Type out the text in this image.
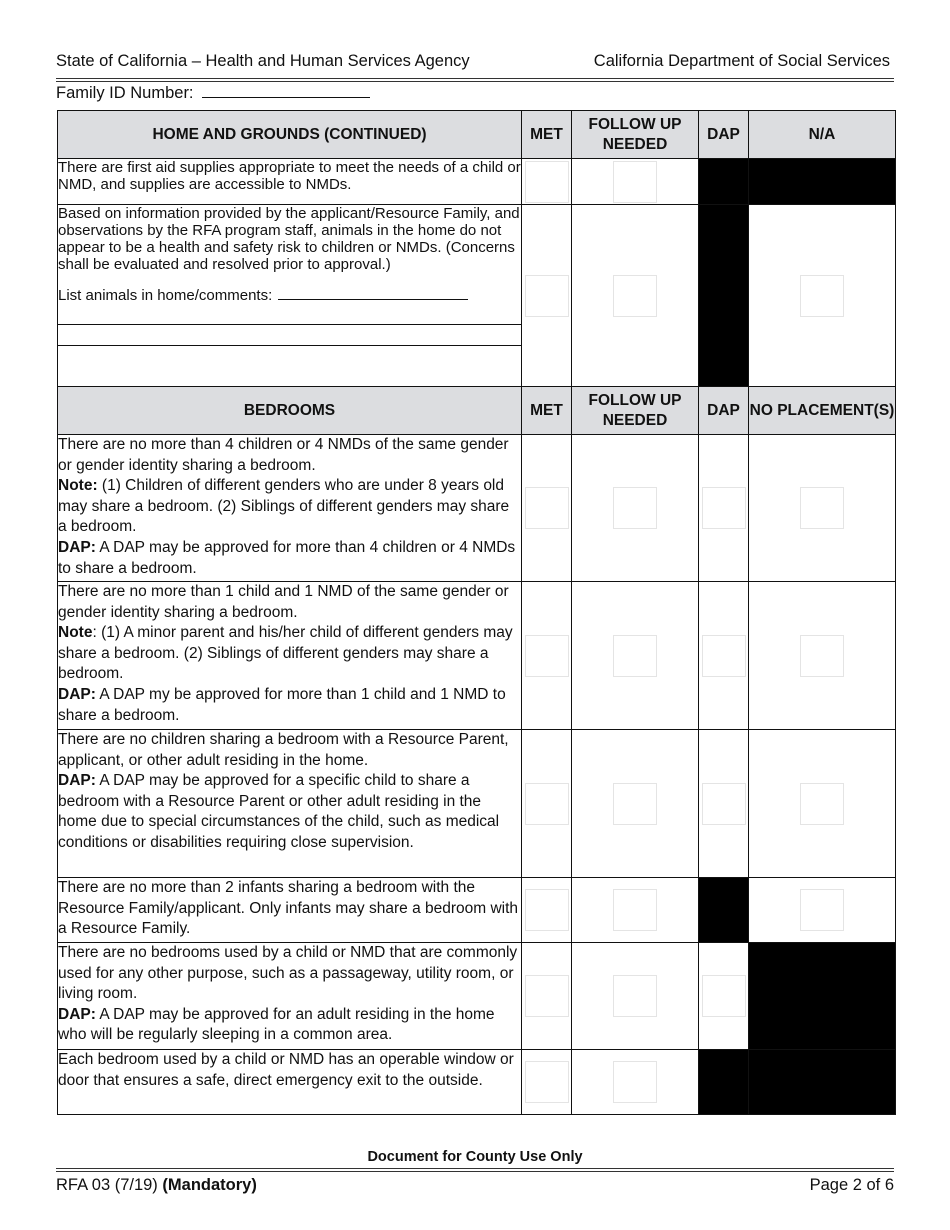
State of California – Health and Human Services Agency	California Department of Social Services
Family ID Number:
HOME AND GROUNDS (CONTINUED)	MET	FOLLOW UP NEEDED	DAP	N/A
There are first aid supplies appropriate to meet the needs of a child or NMD, and supplies are accessible to NMDs.	

Based on information provided by the applicant/Resource Family, and observations by the RFA program staff, animals in the home do not appear to be a health and safety risk to children or NMDs. (Concerns shall be evaluated and resolved prior to approval.)

List animals in home/comments:				

BEDROOMS	MET	FOLLOW UP NEEDED	DAP	NO PLACEMENT(S)
There are no more than 4 children or 4 NMDs of the same gender or gender identity sharing a bedroom.
Note: (1) Children of different genders who are under 8 years old may share a bedroom. (2) Siblings of different genders may share a bedroom.
DAP: A DAP may be approved for more than 4 children or 4 NMDs to share a bedroom.	

There are no more than 1 child and 1 NMD of the same gender or gender identity sharing a bedroom.
Note: (1) A minor parent and his/her child of different genders may share a bedroom. (2) Siblings of different genders may share a bedroom.
DAP: A DAP my be approved for more than 1 child and 1 NMD to share a bedroom.	

There are no children sharing a bedroom with a Resource Parent, applicant, or other adult residing in the home.
DAP: A DAP may be approved for a specific child to share a bedroom with a Resource Parent or other adult residing in the home due to special circumstances of the child, such as medical conditions or disabilities requiring close supervision.	

There are no more than 2 infants sharing a bedroom with the Resource Family/applicant. Only infants may share a bedroom with a Resource Family.	

There are no bedrooms used by a child or NMD that are commonly used for any other purpose, such as a passageway, utility room, or living room.
DAP: A DAP may be approved for an adult residing in the home who will be regularly sleeping in a common area.	

Each bedroom used by a child or NMD has an operable window or door that ensures a safe, direct emergency exit to the outside.	

Document for County Use Only
RFA 03 (7/19) (Mandatory)	Page 2 of 6
